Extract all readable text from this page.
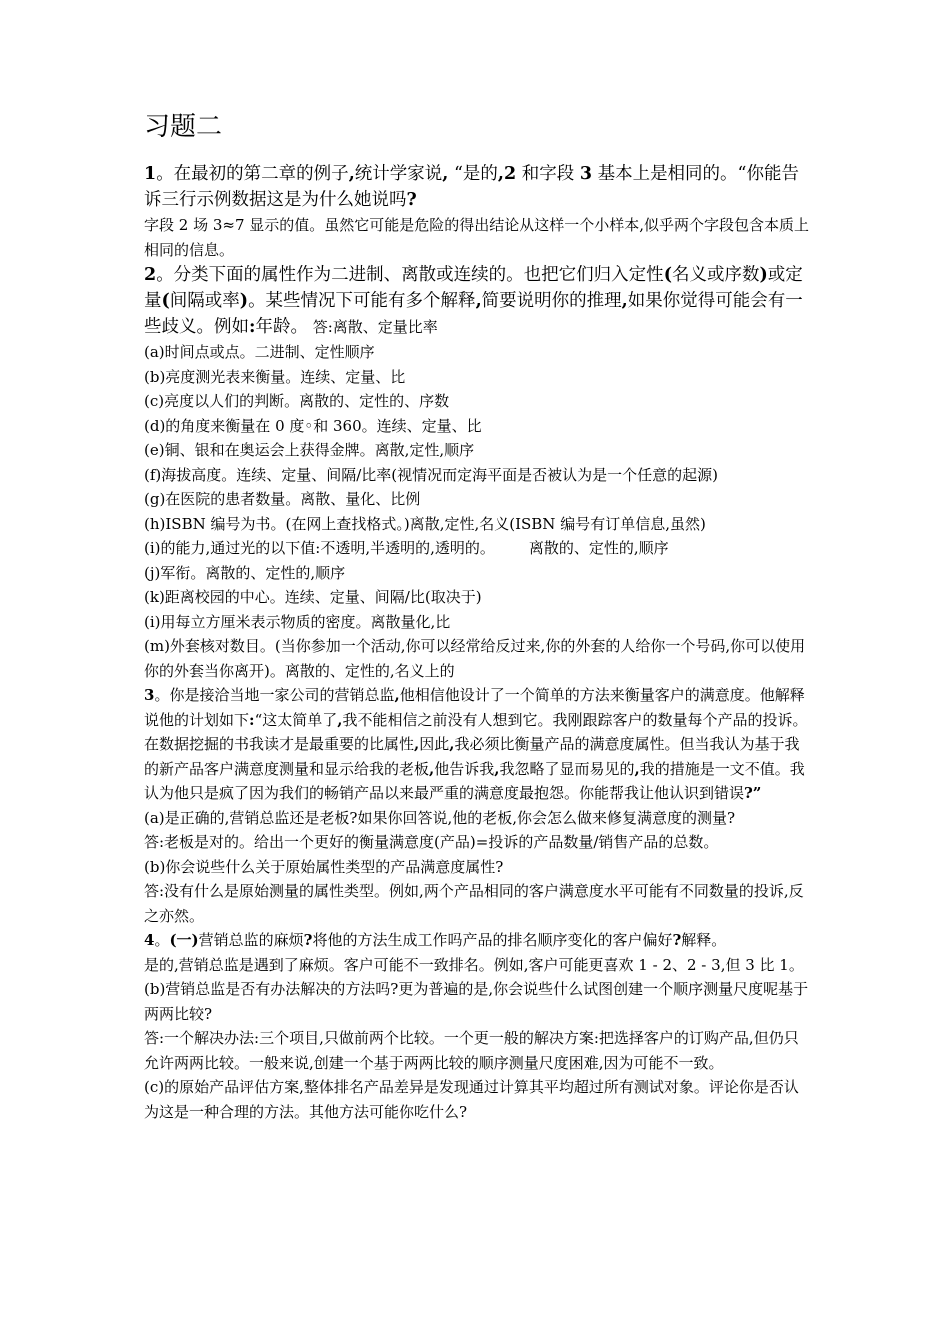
习题二

1。在最初的第二章的例子,统计学家说, “是的,2 和字段 3 基本上是相同的。“你能告诉三行示例数据这是为什么她说吗?

字段 2 场 3≈7 显示的值。虽然它可能是危险的得出结论从这样一个小样本,似乎两个字段包含本质上相同的信息。

2。分类下面的属性作为二进制、离散或连续的。也把它们归入定性(名义或序数)或定量(间隔或率)。某些情况下可能有多个解释,简要说明你的推理,如果你觉得可能会有一些歧义。例如:年龄。 答:离散、定量比率

(a)时间点或点。二进制、定性顺序

(b)亮度测光表来衡量。连续、定量、比

(c)亮度以人们的判断。离散的、定性的、序数

(d)的角度来衡量在 0 度◦和 360。连续、定量、比

(e)铜、银和在奥运会上获得金牌。离散,定性,顺序

(f)海拔高度。连续、定量、间隔/比率(视情况而定海平面是否被认为是一个任意的起源)

(g)在医院的患者数量。离散、量化、比例

(h)ISBN 编号为书。(在网上查找格式。)离散,定性,名义(ISBN 编号有订单信息,虽然)

(i)的能力,通过光的以下值:不透明,半透明的,透明的。 离散的、定性的,顺序

(j)军衔。离散的、定性的,顺序

(k)距离校园的中心。连续、定量、间隔/比(取决于)

(i)用每立方厘米表示物质的密度。离散量化,比

(m)外套核对数目。(当你参加一个活动,你可以经常给反过来,你的外套的人给你一个号码,你可以使用你的外套当你离开)。离散的、定性的,名义上的

3。你是接洽当地一家公司的营销总监,他相信他设计了一个简单的方法来衡量客户的满意度。他解释说他的计划如下:“这太简单了,我不能相信之前没有人想到它。我刚跟踪客户的数量每个产品的投诉。在数据挖掘的书我读才是最重要的比属性,因此,我必须比衡量产品的满意度属性。但当我认为基于我的新产品客户满意度测量和显示给我的老板,他告诉我,我忽略了显而易见的,我的措施是一文不值。我认为他只是疯了因为我们的畅销产品以来最严重的满意度最抱怨。你能帮我让他认识到错误?”

(a)是正确的,营销总监还是老板?如果你回答说,他的老板,你会怎么做来修复满意度的测量?

答:老板是对的。给出一个更好的衡量满意度(产品)=投诉的产品数量/销售产品的总数。

(b)你会说些什么关于原始属性类型的产品满意度属性?

答:没有什么是原始测量的属性类型。例如,两个产品相同的客户满意度水平可能有不同数量的投诉,反之亦然。

4。(一)营销总监的麻烦?将他的方法生成工作吗产品的排名顺序变化的客户偏好?解释。

是的,营销总监是遇到了麻烦。客户可能不一致排名。例如,客户可能更喜欢 1 - 2、2 - 3,但 3 比 1。

(b)营销总监是否有办法解决的方法吗?更为普遍的是,你会说些什么试图创建一个顺序测量尺度呢基于两两比较?

答:一个解决办法:三个项目,只做前两个比较。一个更一般的解决方案:把选择客户的订购产品,但仍只允许两两比较。一般来说,创建一个基于两两比较的顺序测量尺度困难,因为可能不一致。

(c)的原始产品评估方案,整体排名产品差异是发现通过计算其平均超过所有测试对象。评论你是否认为这是一种合理的方法。其他方法可能你吃什么?
